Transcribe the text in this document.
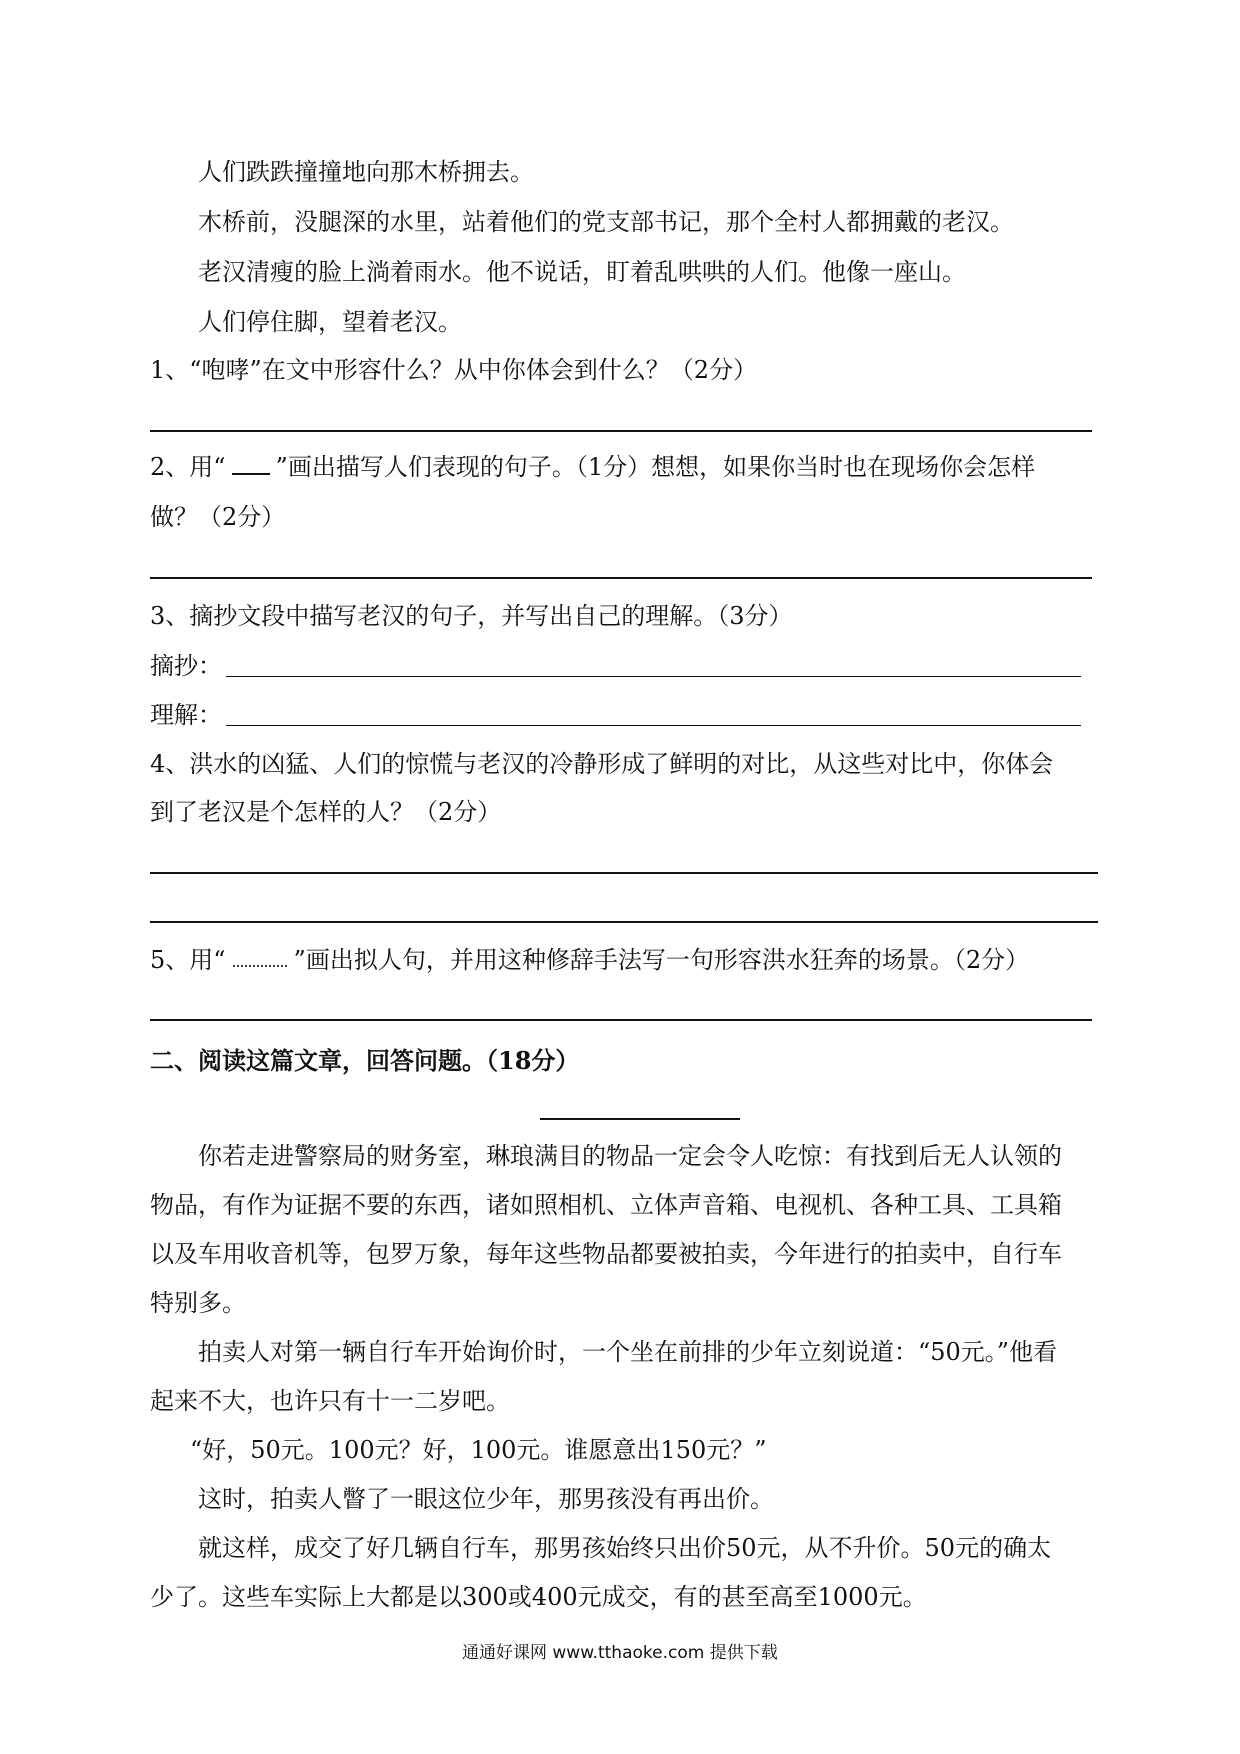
人们跌跌撞撞地向那木桥拥去。
木桥前，没腿深的水里，站着他们的党支部书记，那个全村人都拥戴的老汉。
老汉清瘦的脸上淌着雨水。他不说话，盯着乱哄哄的人们。他像一座山。
人们停住脚，望着老汉。
1、“咆哮”在文中形容什么？从中你体会到什么？（2分）
2、用“ ”画出描写人们表现的句子。（1分）想想，如果你当时也在现场你会怎样
做？（2分）
3、摘抄文段中描写老汉的句子，并写出自己的理解。（3分）
摘抄：
理解：
4、洪水的凶猛、人们的惊慌与老汉的冷静形成了鲜明的对比，从这些对比中，你体会
到了老汉是个怎样的人？（2分）
5、用“	”画出拟人句，并用这种修辞手法写一句形容洪水狂奔的场景。（2分）
二、阅读这篇文章，回答问题。（18分）
你若走进警察局的财务室，琳琅满目的物品一定会令人吃惊：有找到后无人认领的
物品，有作为证据不要的东西，诸如照相机、立体声音箱、电视机、各种工具、工具箱
以及车用收音机等，包罗万象，每年这些物品都要被拍卖，今年进行的拍卖中，自行车
特别多。
拍卖人对第一辆自行车开始询价时，一个坐在前排的少年立刻说道：“50元。”他看
起来不大，也许只有十一二岁吧。
“好，50元。100元？好，100元。谁愿意出150元？”
这时，拍卖人瞥了一眼这位少年，那男孩没有再出价。
就这样，成交了好几辆自行车，那男孩始终只出价50元，从不升价。50元的确太
少了。这些车实际上大都是以300或400元成交，有的甚至高至1000元。
通通好课网 www.tthaoke.com 提供下载
